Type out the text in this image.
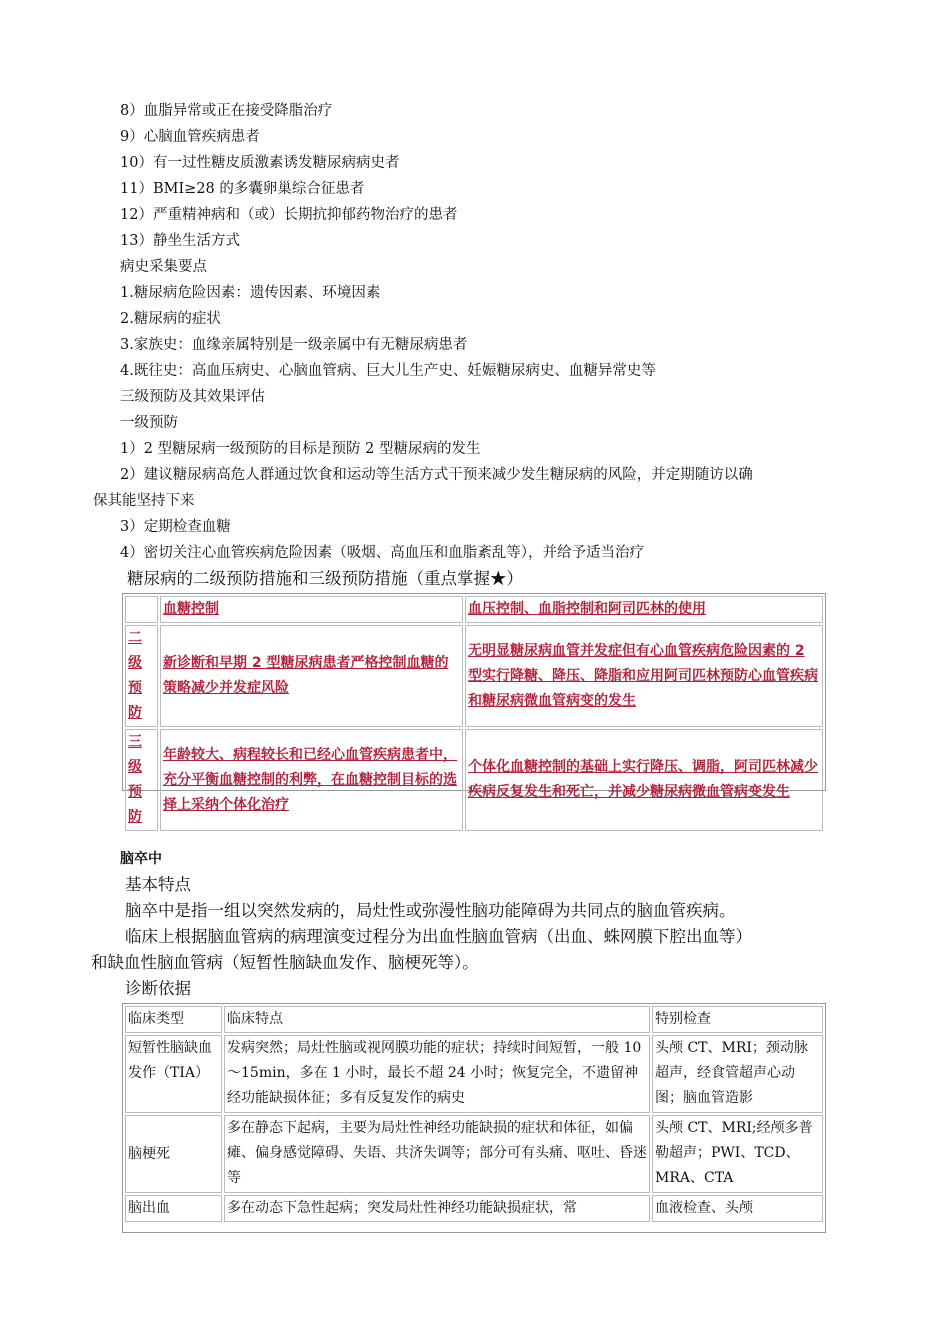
8）血脂异常或正在接受降脂治疗
9）心脑血管疾病患者
10）有一过性糖皮质激素诱发糖尿病病史者
11）BMI≥28 的多囊卵巢综合征患者
12）严重精神病和（或）长期抗抑郁药物治疗的患者
13）静坐生活方式
病史采集要点
1.糖尿病危险因素：遗传因素、环境因素
2.糖尿病的症状
3.家族史：血缘亲属特别是一级亲属中有无糖尿病患者
4.既往史：高血压病史、心脑血管病、巨大儿生产史、妊娠糖尿病史、血糖异常史等
三级预防及其效果评估
一级预防
1）2 型糖尿病一级预防的目标是预防 2 型糖尿病的发生
2）建议糖尿病高危人群通过饮食和运动等生活方式干预来减少发生糖尿病的风险，并定期随访以确
保其能坚持下来
3）定期检查血糖
4）密切关注心血管疾病危险因素（吸烟、高血压和血脂紊乱等），并给予适当治疗
糖尿病的二级预防措施和三级预防措施（重点掌握★）
	血糖控制	血压控制、血脂控制和阿司匹林的使用
二级预防	新诊断和早期 2 型糖尿病患者严格控制血糖的策略减少并发症风险	无明显糖尿病血管并发症但有心血管疾病危险因素的 2 型实行降糖、降压、降脂和应用阿司匹林预防心血管疾病和糖尿病微血管病变的发生
三级预防	年龄较大、病程较长和已经心血管疾病患者中，充分平衡血糖控制的利弊，在血糖控制目标的选择上采纳个体化治疗	个体化血糖控制的基础上实行降压、调脂，阿司匹林减少疾病反复发生和死亡，并减少糖尿病微血管病变发生
脑卒中
基本特点
脑卒中是指一组以突然发病的，局灶性或弥漫性脑功能障碍为共同点的脑血管疾病。
临床上根据脑血管病的病理演变过程分为出血性脑血管病（出血、蛛网膜下腔出血等）
和缺血性脑血管病（短暂性脑缺血发作、脑梗死等）。
诊断依据
临床类型	临床特点	特别检查
短暂性脑缺血发作（TIA）	发病突然；局灶性脑或视网膜功能的症状；持续时间短暂，一般 10～15min，多在 1 小时，最长不超 24 小时；恢复完全，不遗留神经功能缺损体征；多有反复发作的病史	头颅 CT、MRI；颈动脉超声，经食管超声心动图；脑血管造影
脑梗死	多在静态下起病，主要为局灶性神经功能缺损的症状和体征，如偏瘫、偏身感觉障碍、失语、共济失调等；部分可有头痛、呕吐、昏迷等	头颅 CT、MRI;经颅多普勒超声；PWI、TCD、MRA、CTA
脑出血	多在动态下急性起病；突发局灶性神经功能缺损症状，常	血液检查、头颅
